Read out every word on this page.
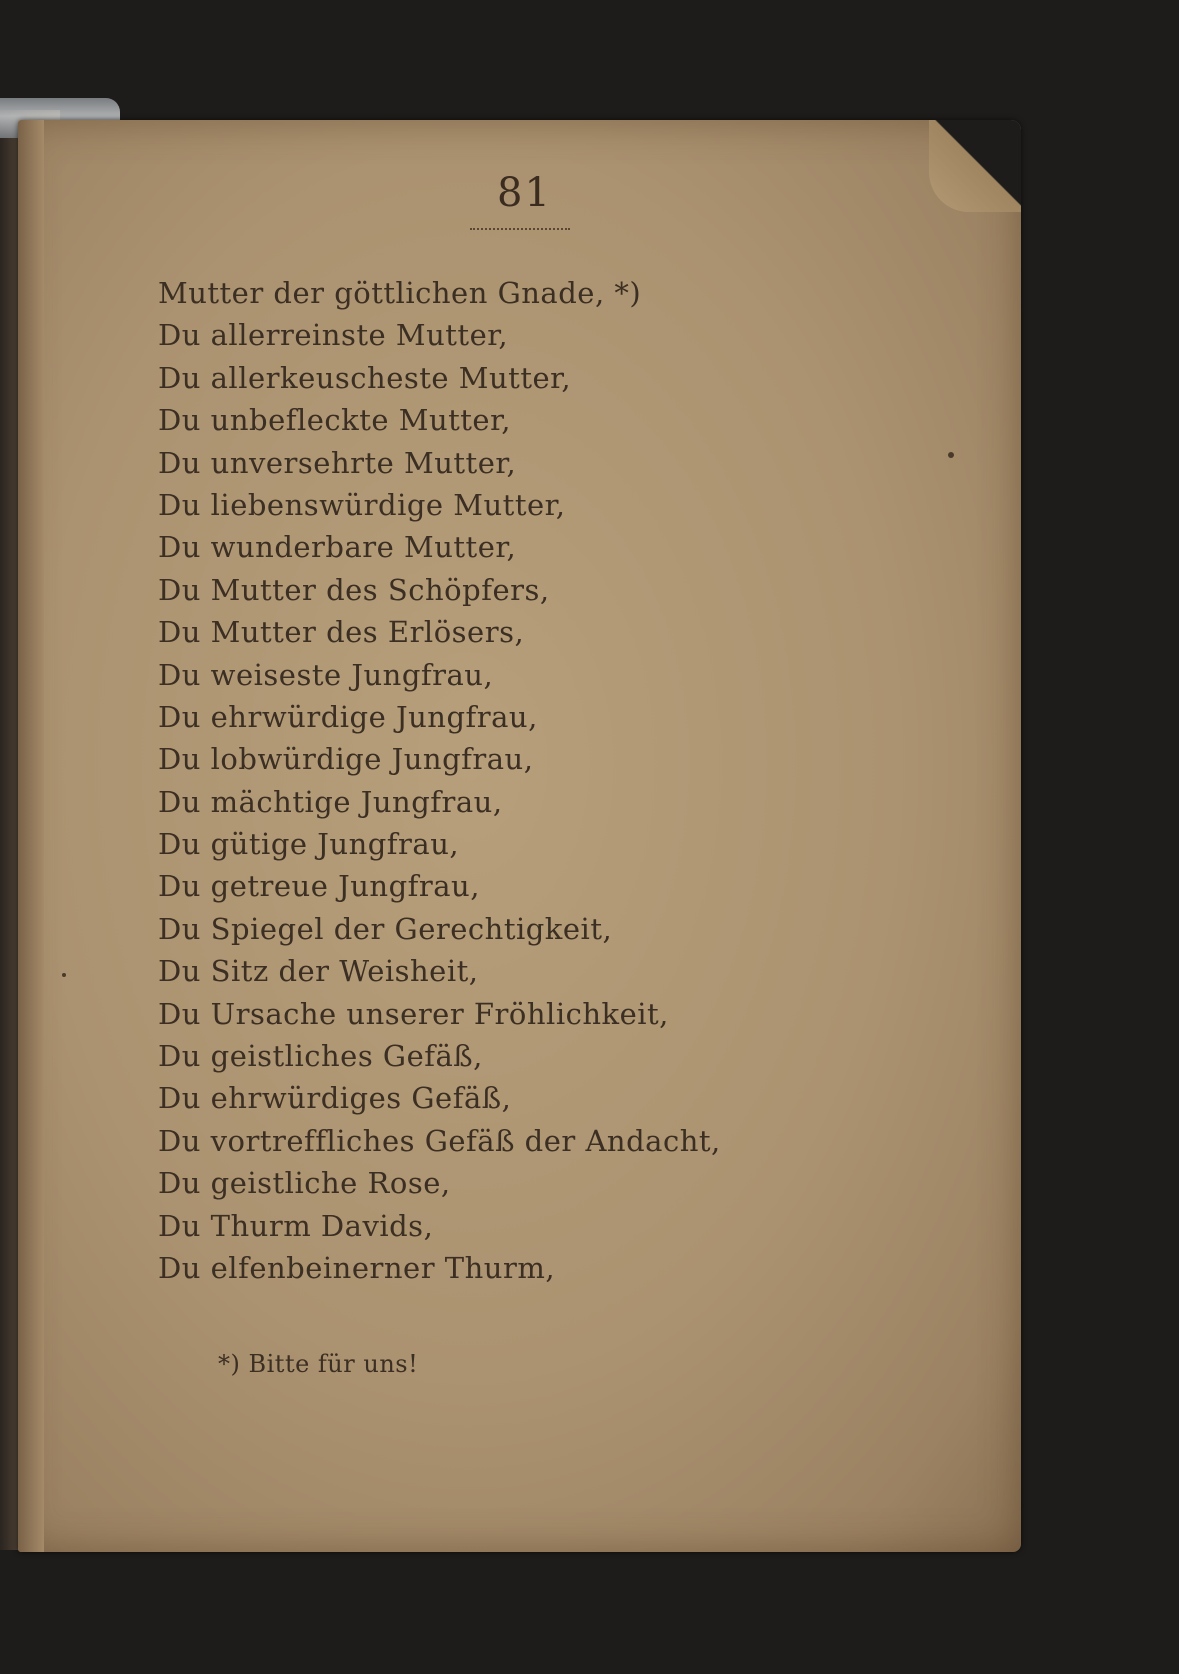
81
Mutter der göttlichen Gnade, *)
Du allerreinste Mutter,
Du allerkeuscheste Mutter,
Du unbefleckte Mutter,
Du unversehrte Mutter,
Du liebenswürdige Mutter,
Du wunderbare Mutter,
Du Mutter des Schöpfers,
Du Mutter des Erlösers,
Du weiseste Jungfrau,
Du ehrwürdige Jungfrau,
Du lobwürdige Jungfrau,
Du mächtige Jungfrau,
Du gütige Jungfrau,
Du getreue Jungfrau,
Du Spiegel der Gerechtigkeit,
Du Sitz der Weisheit,
Du Ursache unserer Fröhlichkeit,
Du geistliches Gefäß,
Du ehrwürdiges Gefäß,
Du vortreffliches Gefäß der Andacht,
Du geistliche Rose,
Du Thurm Davids,
Du elfenbeinerner Thurm,
*) Bitte für uns!
